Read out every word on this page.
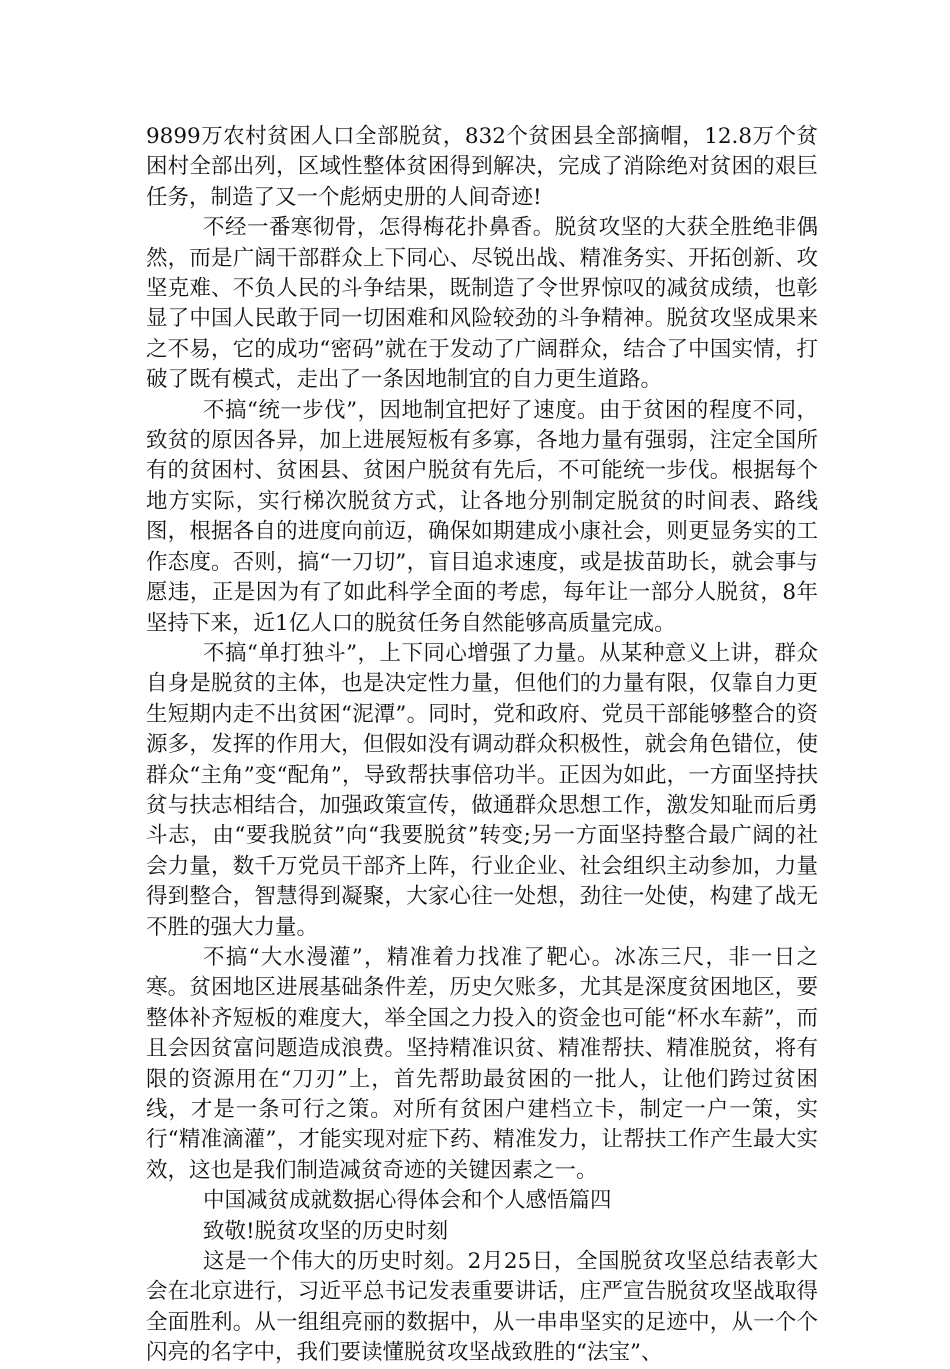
9899万农村贫困人口全部脱贫，832个贫困县全部摘帽，12.8万个贫困村全部出列，区域性整体贫困得到解决，完成了消除绝对贫困的艰巨任务，制造了又一个彪炳史册的人间奇迹!

不经一番寒彻骨，怎得梅花扑鼻香。脱贫攻坚的大获全胜绝非偶然，而是广阔干部群众上下同心、尽锐出战、精准务实、开拓创新、攻坚克难、不负人民的斗争结果，既制造了令世界惊叹的减贫成绩，也彰显了中国人民敢于同一切困难和风险较劲的斗争精神。脱贫攻坚成果来之不易，它的成功“密码”就在于发动了广阔群众，结合了中国实情，打破了既有模式，走出了一条因地制宜的自力更生道路。

不搞“统一步伐”，因地制宜把好了速度。由于贫困的程度不同，致贫的原因各异，加上进展短板有多寡，各地力量有强弱，注定全国所有的贫困村、贫困县、贫困户脱贫有先后，不可能统一步伐。根据每个地方实际，实行梯次脱贫方式，让各地分别制定脱贫的时间表、路线图，根据各自的进度向前迈，确保如期建成小康社会，则更显务实的工作态度。否则，搞“一刀切”，盲目追求速度，或是拔苗助长，就会事与愿违，正是因为有了如此科学全面的考虑，每年让一部分人脱贫，8年坚持下来，近1亿人口的脱贫任务自然能够高质量完成。

不搞“单打独斗”，上下同心增强了力量。从某种意义上讲，群众自身是脱贫的主体，也是决定性力量，但他们的力量有限，仅靠自力更生短期内走不出贫困“泥潭”。同时，党和政府、党员干部能够整合的资源多，发挥的作用大，但假如没有调动群众积极性，就会角色错位，使群众“主角”变“配角”，导致帮扶事倍功半。正因为如此，一方面坚持扶贫与扶志相结合，加强政策宣传，做通群众思想工作，激发知耻而后勇斗志，由“要我脱贫”向“我要脱贫”转变;另一方面坚持整合最广阔的社会力量，数千万党员干部齐上阵，行业企业、社会组织主动参加，力量得到整合，智慧得到凝聚，大家心往一处想，劲往一处使，构建了战无不胜的强大力量。

不搞“大水漫灌”，精准着力找准了靶心。冰冻三尺，非一日之寒。贫困地区进展基础条件差，历史欠账多，尤其是深度贫困地区，要整体补齐短板的难度大，举全国之力投入的资金也可能“杯水车薪”，而且会因贫富问题造成浪费。坚持精准识贫、精准帮扶、精准脱贫，将有限的资源用在“刀刃”上，首先帮助最贫困的一批人，让他们跨过贫困线，才是一条可行之策。对所有贫困户建档立卡，制定一户一策，实行“精准滴灌”，才能实现对症下药、精准发力，让帮扶工作产生最大实效，这也是我们制造减贫奇迹的关键因素之一。

中国减贫成就数据心得体会和个人感悟篇四

致敬!脱贫攻坚的历史时刻

这是一个伟大的历史时刻。2月25日，全国脱贫攻坚总结表彰大会在北京进行，习近平总书记发表重要讲话，庄严宣告脱贫攻坚战取得全面胜利。从一组组亮丽的数据中，从一串串坚实的足迹中，从一个个闪亮的名字中，我们要读懂脱贫攻坚战致胜的“法宝”、
